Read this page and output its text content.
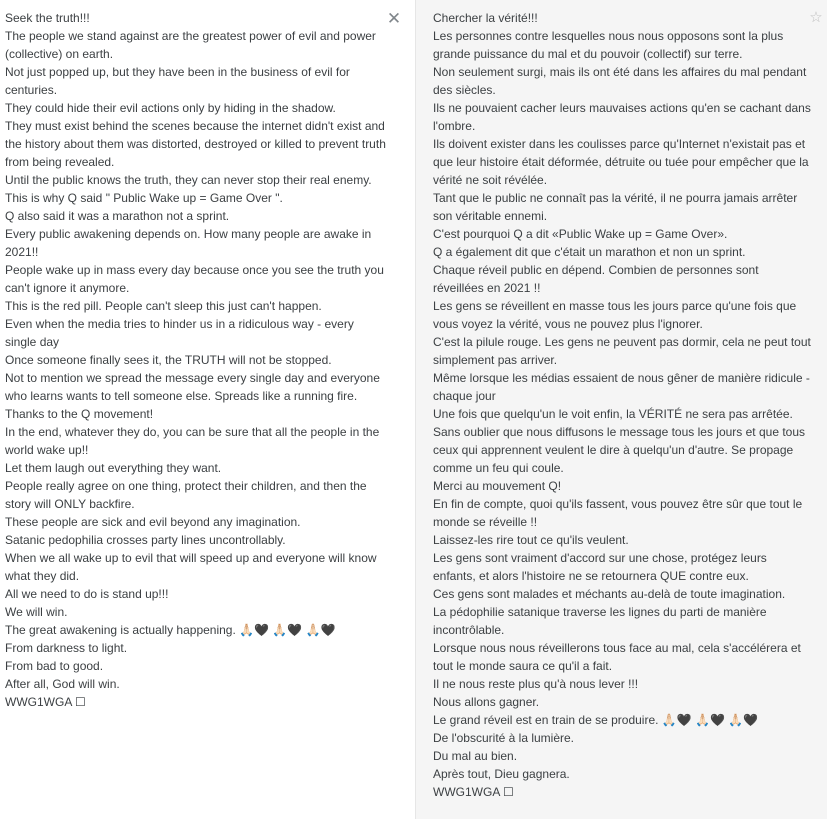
Seek the truth!!!
The people we stand against are the greatest power of evil and power (collective) on earth.
Not just popped up, but they have been in the business of evil for centuries.
They could hide their evil actions only by hiding in the shadow.
They must exist behind the scenes because the internet didn't exist and the history about them was distorted, destroyed or killed to prevent truth from being revealed.
Until the public knows the truth, they can never stop their real enemy.
This is why Q said " Public Wake up = Game Over ".
Q also said it was a marathon not a sprint.
Every public awakening depends on. How many people are awake in 2021!!
People wake up in mass every day because once you see the truth you can't ignore it anymore.
This is the red pill. People can't sleep this just can't happen.
Even when the media tries to hinder us in a ridiculous way - every single day
Once someone finally sees it, the TRUTH will not be stopped.
Not to mention we spread the message every single day and everyone who learns wants to tell someone else. Spreads like a running fire.
Thanks to the Q movement!
In the end, whatever they do, you can be sure that all the people in the world wake up!!
Let them laugh out everything they want.
People really agree on one thing, protect their children, and then the story will ONLY backfire.
These people are sick and evil beyond any imagination.
Satanic pedophilia crosses party lines uncontrollably.
When we all wake up to evil that will speed up and everyone will know what they did.
All we need to do is stand up!!!
We will win.
The great awakening is actually happening. 🙏🏻🖤 🙏🏻🖤 🙏🏻🖤
From darkness to light.
From bad to good.
After all, God will win.
WWG1WGA ☐
✕	Chercher la vérité!!!
Les personnes contre lesquelles nous nous opposons sont la plus grande puissance du mal et du pouvoir (collectif) sur terre.
Non seulement surgi, mais ils ont été dans les affaires du mal pendant des siècles.
Ils ne pouvaient cacher leurs mauvaises actions qu'en se cachant dans l'ombre.
Ils doivent exister dans les coulisses parce qu'Internet n'existait pas et que leur histoire était déformée, détruite ou tuée pour empêcher que la vérité ne soit révélée.
Tant que le public ne connaît pas la vérité, il ne pourra jamais arrêter son véritable ennemi.
C'est pourquoi Q a dit «Public Wake up = Game Over».
Q a également dit que c'était un marathon et non un sprint.
Chaque réveil public en dépend. Combien de personnes sont réveillées en 2021 !!
Les gens se réveillent en masse tous les jours parce qu'une fois que vous voyez la vérité, vous ne pouvez plus l'ignorer.
C'est la pilule rouge. Les gens ne peuvent pas dormir, cela ne peut tout simplement pas arriver.
Même lorsque les médias essaient de nous gêner de manière ridicule - chaque jour
Une fois que quelqu'un le voit enfin, la VÉRITÉ ne sera pas arrêtée.
Sans oublier que nous diffusons le message tous les jours et que tous ceux qui apprennent veulent le dire à quelqu'un d'autre. Se propage comme un feu qui coule.
Merci au mouvement Q!
En fin de compte, quoi qu'ils fassent, vous pouvez être sûr que tout le monde se réveille !!
Laissez-les rire tout ce qu'ils veulent.
Les gens sont vraiment d'accord sur une chose, protégez leurs enfants, et alors l'histoire ne se retournera QUE contre eux.
Ces gens sont malades et méchants au-delà de toute imagination.
La pédophilie satanique traverse les lignes du parti de manière incontrôlable.
Lorsque nous nous réveillerons tous face au mal, cela s'accélérera et tout le monde saura ce qu'il a fait.
Il ne nous reste plus qu'à nous lever !!!
Nous allons gagner.
Le grand réveil est en train de se produire. 🙏🏻🖤 🙏🏻🖤 🙏🏻🖤
De l'obscurité à la lumière.
Du mal au bien.
Après tout, Dieu gagnera.
WWG1WGA ☐
☆
